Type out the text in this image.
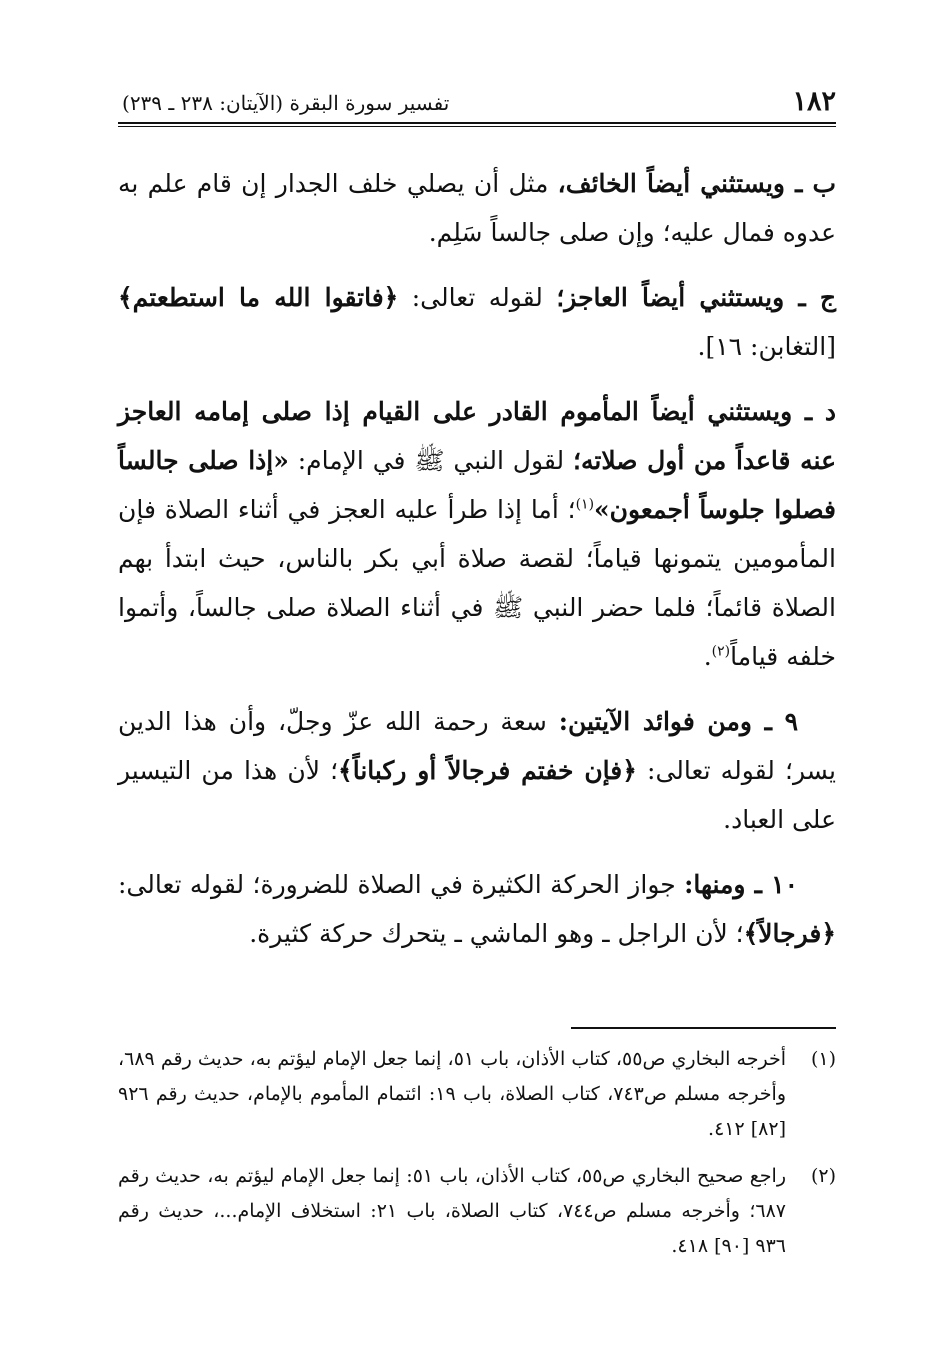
١٨٢
تفسير سورة البقرة (الآيتان: ٢٣٨ ـ ٢٣٩)

ب ـ ويستثني أيضاً الخائف، مثل أن يصلي خلف الجدار إن قام علم به عدوه فمال عليه؛ وإن صلى جالساً سَلِم.

ج ـ ويستثني أيضاً العاجز؛ لقوله تعالى: ﴿فاتقوا الله ما استطعتم﴾ [التغابن: ١٦].

د ـ ويستثني أيضاً المأموم القادر على القيام إذا صلى إمامه العاجز عنه قاعداً من أول صلاته؛ لقول النبي ﷺ في الإمام: «إذا صلى جالساً فصلوا جلوساً أجمعون»$^{(١)}$؛ أما إذا طرأ عليه العجز في أثناء الصلاة فإن المأمومين يتمونها قياماً؛ لقصة صلاة أبي بكر بالناس، حيث ابتدأ بهم الصلاة قائماً؛ فلما حضر النبي ﷺ في أثناء الصلاة صلى جالساً، وأتموا خلفه قياماً$^{(٢)}$.

٩ ـ ومن فوائد الآيتين: سعة رحمة الله عزّ وجلّ، وأن هذا الدين يسر؛ لقوله تعالى: ﴿فإن خفتم فرجالاً أو ركباناً﴾؛ لأن هذا من التيسير على العباد.

١٠ ـ ومنها: جواز الحركة الكثيرة في الصلاة للضرورة؛ لقوله تعالى: ﴿فرجالاً﴾؛ لأن الراجل ـ وهو الماشي ـ يتحرك حركة كثيرة.

(١)
أخرجه البخاري ص٥٥، كتاب الأذان، باب ٥١، إنما جعل الإمام ليؤتم به، حديث رقم ٦٨٩، وأخرجه مسلم ص٧٤٣، كتاب الصلاة، باب ١٩: ائتمام المأموم بالإمام، حديث رقم ٩٢٦ [٨٢] ٤١٢.
(٢)
راجع صحيح البخاري ص٥٥، كتاب الأذان، باب ٥١: إنما جعل الإمام ليؤتم به، حديث رقم ٦٨٧؛ وأخرجه مسلم ص٧٤٤، كتاب الصلاة، باب ٢١: استخلاف الإمام...، حديث رقم ٩٣٦ [٩٠] ٤١٨.
